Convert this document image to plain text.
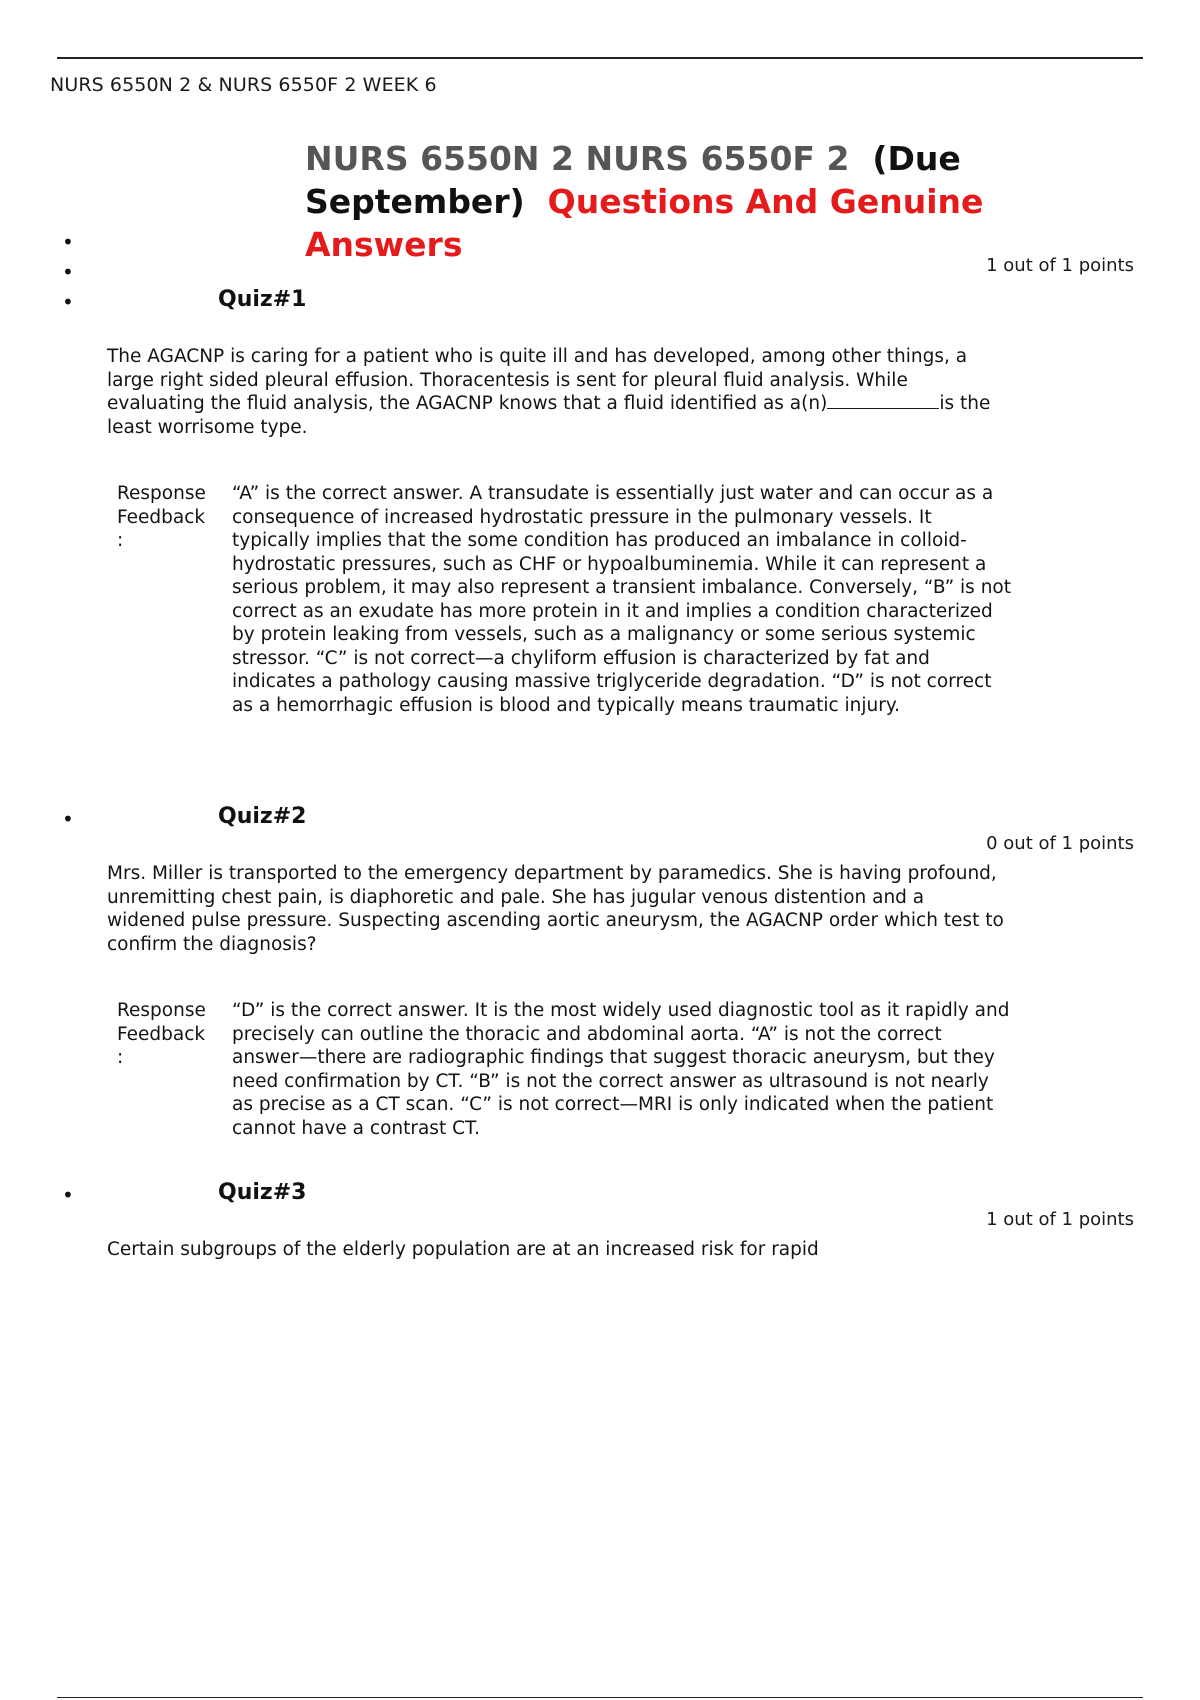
NURS 6550N 2 & NURS 6550F 2 WEEK 6
NURS 6550N 2 NURS 6550F 2 (Due
September) Questions And Genuine Answers
•
•
•
1 out of 1 points
Quiz#1
The AGACNP is caring for a patient who is quite ill and has developed, among other things, a large right sided pleural effusion. Thoracentesis is sent for pleural fluid analysis. While evaluating the fluid analysis, the AGACNP knows that a fluid identified as a(n)	is the least worrisome type.
Response
Feedback
:
“A” is the correct answer. A transudate is essentially just water and can occur as a consequence of increased hydrostatic pressure in the pulmonary vessels. It typically implies that the some condition has produced an imbalance in colloid-hydrostatic pressures, such as CHF or hypoalbuminemia. While it can represent a serious problem, it may also represent a transient imbalance. Conversely, “B” is not correct as an exudate has more protein in it and implies a condition characterized by protein leaking from vessels, such as a malignancy or some serious systemic stressor. “C” is not correct—a chyliform effusion is characterized by fat and indicates a pathology causing massive triglyceride degradation. “D” is not correct as a hemorrhagic effusion is blood and typically means traumatic injury.
•	Quiz#2
0 out of 1 points
Mrs. Miller is transported to the emergency department by paramedics. She is having profound, unremitting chest pain, is diaphoretic and pale. She has jugular venous distention and a widened pulse pressure. Suspecting ascending aortic aneurysm, the AGACNP order which test to confirm the diagnosis?
Response
Feedback
:
“D” is the correct answer. It is the most widely used diagnostic tool as it rapidly and precisely can outline the thoracic and abdominal aorta. “A” is not the correct answer—there are radiographic findings that suggest thoracic aneurysm, but they need confirmation by CT. “B” is not the correct answer as ultrasound is not nearly as precise as a CT scan. “C” is not correct—MRI is only indicated when the patient cannot have a contrast CT.
•	Quiz#3
1 out of 1 points
Certain subgroups of the elderly population are at an increased risk for rapid
